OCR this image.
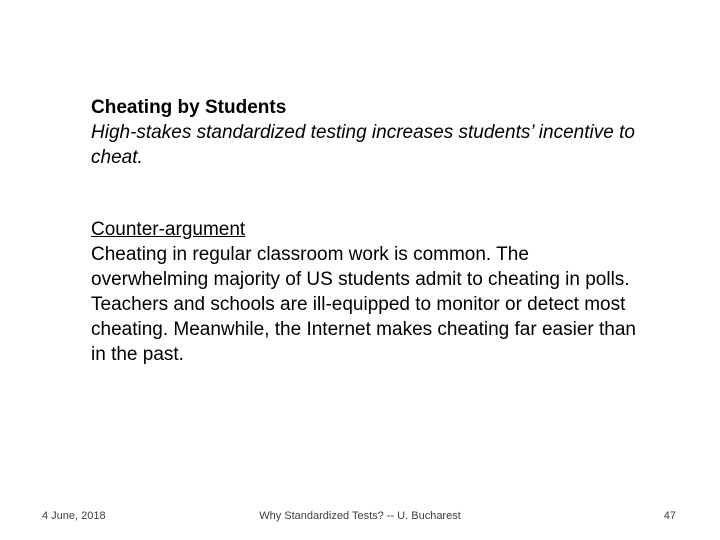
Cheating by Students
High-stakes standardized testing increases students’ incentive to cheat.
Counter-argument
Cheating in regular classroom work is common. The overwhelming majority of US students admit to cheating in polls. Teachers and schools are ill-equipped to monitor or detect most cheating. Meanwhile, the Internet makes cheating far easier than in the past.
4 June, 2018	Why Standardized Tests? -- U. Bucharest	47
